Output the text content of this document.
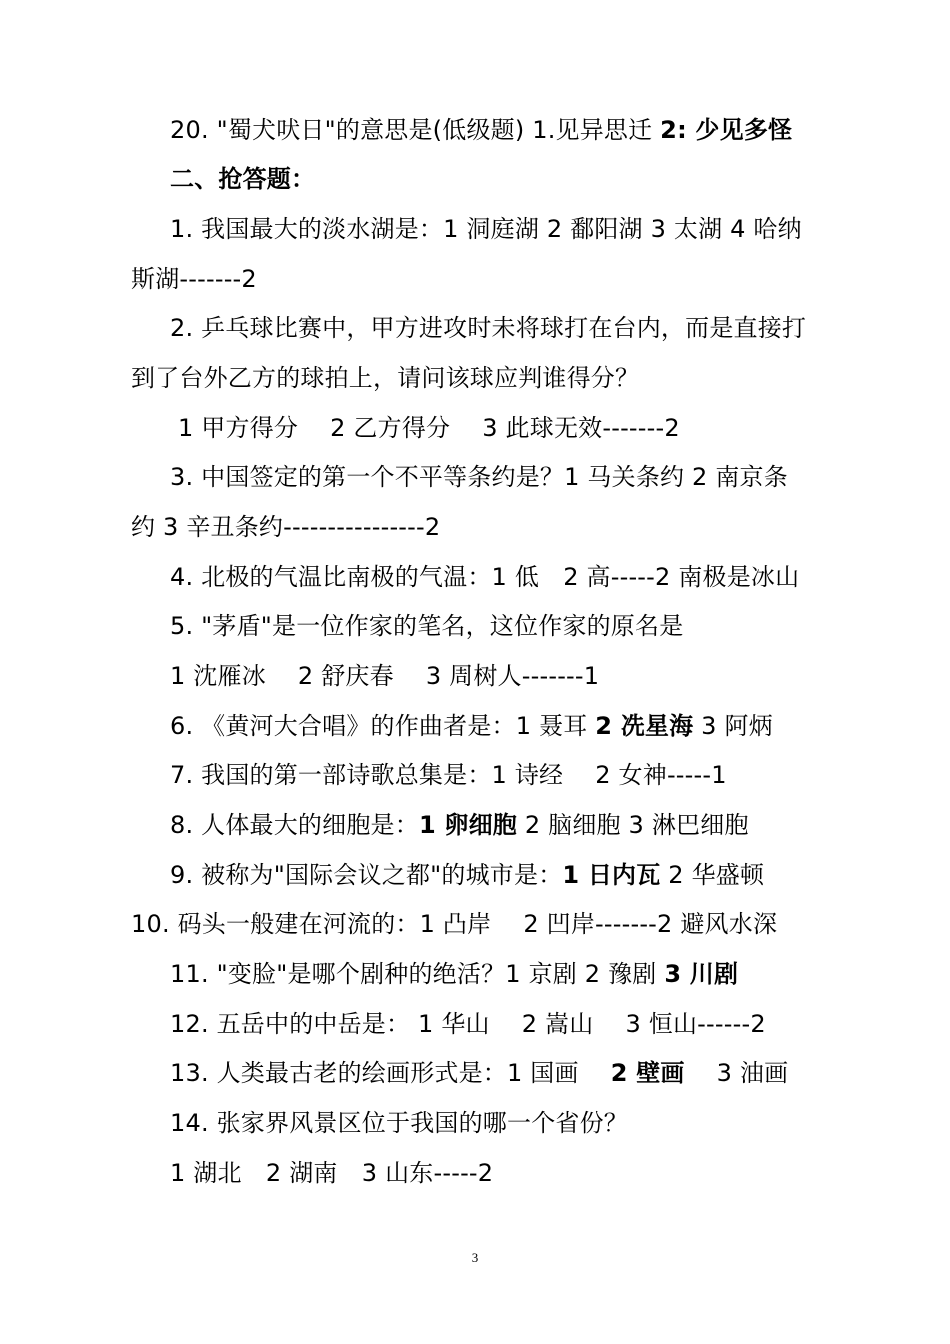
20. "蜀犬吠日"的意思是(低级题) 1.见异思迁 2: 少见多怪
二、抢答题：
1. 我国最大的淡水湖是：1 洞庭湖 2 鄱阳湖 3 太湖 4 哈纳
斯湖-------2
2. 乒乓球比赛中，甲方进攻时未将球打在台内，而是直接打
到了台外乙方的球拍上，请问该球应判谁得分？
1 甲方得分　 2 乙方得分　 3 此球无效-------2
3. 中国签定的第一个不平等条约是？1 马关条约 2 南京条
约 3 辛丑条约----------------2
4. 北极的气温比南极的气温：1 低　2 高-----2 南极是冰山
5. "茅盾"是一位作家的笔名，这位作家的原名是
1 沈雁冰　 2 舒庆春　 3 周树人-------1
6. 《黄河大合唱》的作曲者是：1 聂耳 2 冼星海 3 阿炳
7. 我国的第一部诗歌总集是：1 诗经　 2 女神-----1
8. 人体最大的细胞是：1 卵细胞 2 脑细胞 3 淋巴细胞
9. 被称为"国际会议之都"的城市是：1 日内瓦 2 华盛顿
10. 码头一般建在河流的：1 凸岸　 2 凹岸-------2 避风水深
11. "变脸"是哪个剧种的绝活？1 京剧 2 豫剧 3 川剧
12. 五岳中的中岳是： 1 华山　 2 嵩山　 3 恒山------2
13. 人类最古老的绘画形式是：1 国画　 2 壁画　 3 油画
14. 张家界风景区位于我国的哪一个省份？
1 湖北　2 湖南　3 山东-----2
3
